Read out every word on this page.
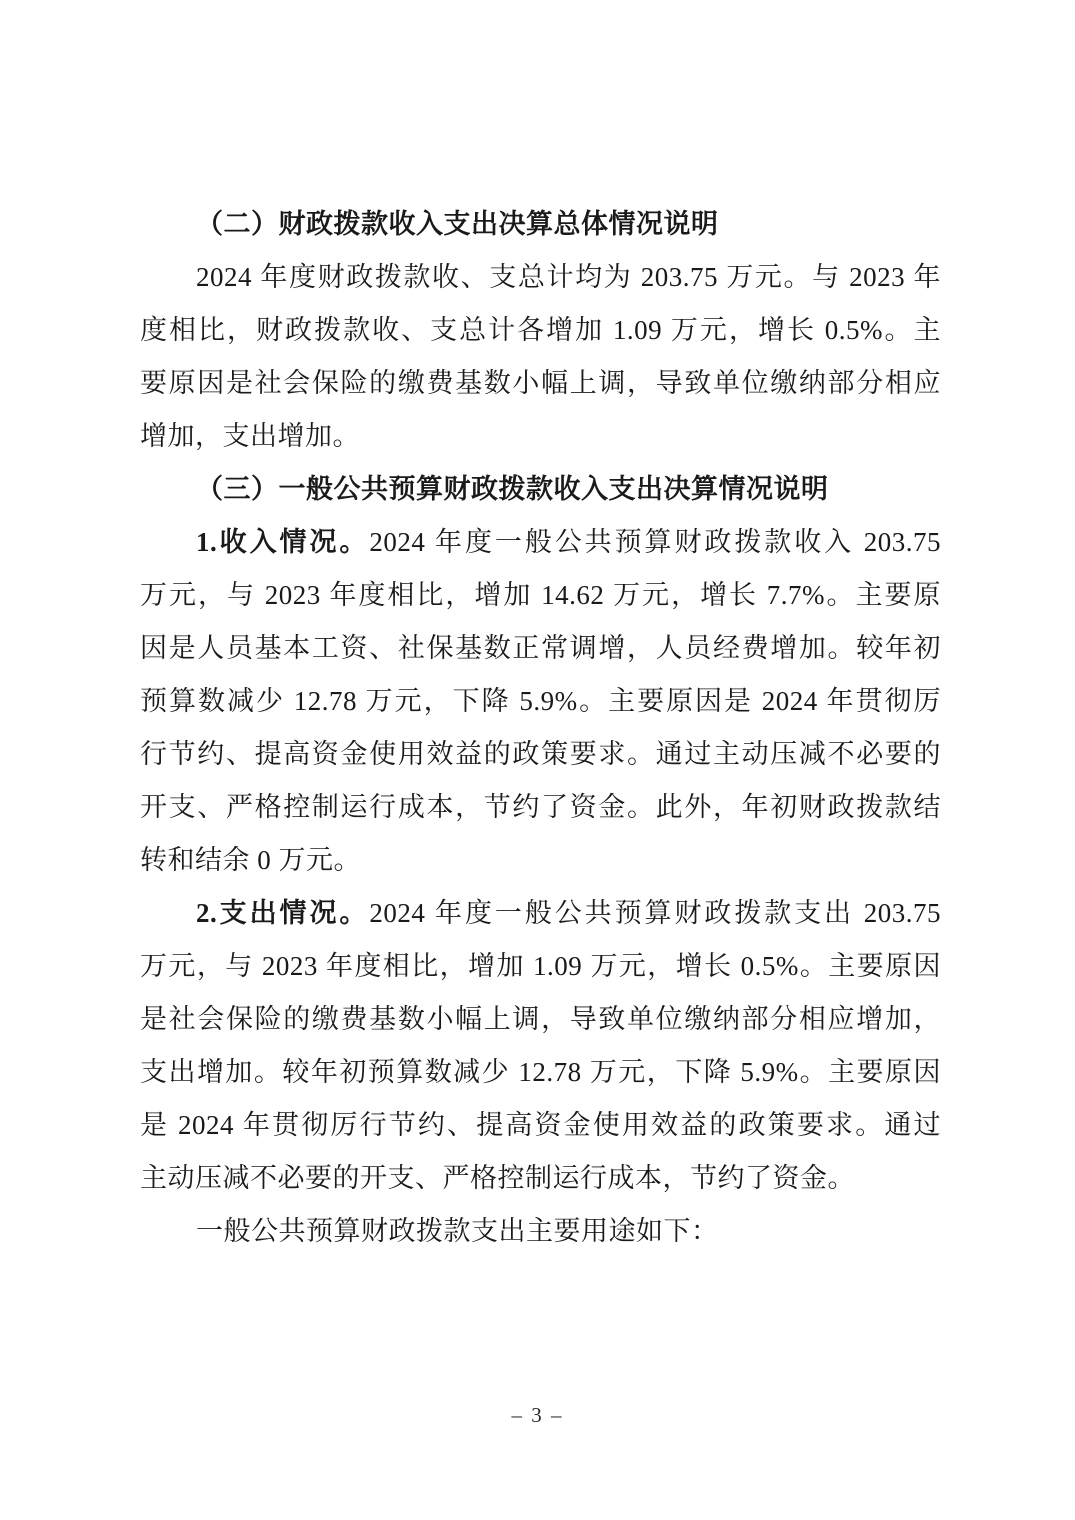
（二）财政拨款收入支出决算总体情况说明
2024 年度财政拨款收、支总计均为 203.75 万元。与 2023 年
度相比，财政拨款收、支总计各增加 1.09 万元，增长 0.5%。主
要原因是社会保险的缴费基数小幅上调，导致单位缴纳部分相应
增加，支出增加。
（三）一般公共预算财政拨款收入支出决算情况说明
1.收入情况。2024 年度一般公共预算财政拨款收入 203.75
万元，与 2023 年度相比，增加 14.62 万元，增长 7.7%。主要原
因是人员基本工资、社保基数正常调增，人员经费增加。较年初
预算数减少 12.78 万元，下降 5.9%。主要原因是 2024 年贯彻厉
行节约、提高资金使用效益的政策要求。通过主动压减不必要的
开支、严格控制运行成本，节约了资金。此外，年初财政拨款结
转和结余 0 万元。
2.支出情况。2024 年度一般公共预算财政拨款支出 203.75
万元，与 2023 年度相比，增加 1.09 万元，增长 0.5%。主要原因
是社会保险的缴费基数小幅上调，导致单位缴纳部分相应增加，
支出增加。较年初预算数减少 12.78 万元，下降 5.9%。主要原因
是 2024 年贯彻厉行节约、提高资金使用效益的政策要求。通过
主动压减不必要的开支、严格控制运行成本，节约了资金。
一般公共预算财政拨款支出主要用途如下：
– 3 –
